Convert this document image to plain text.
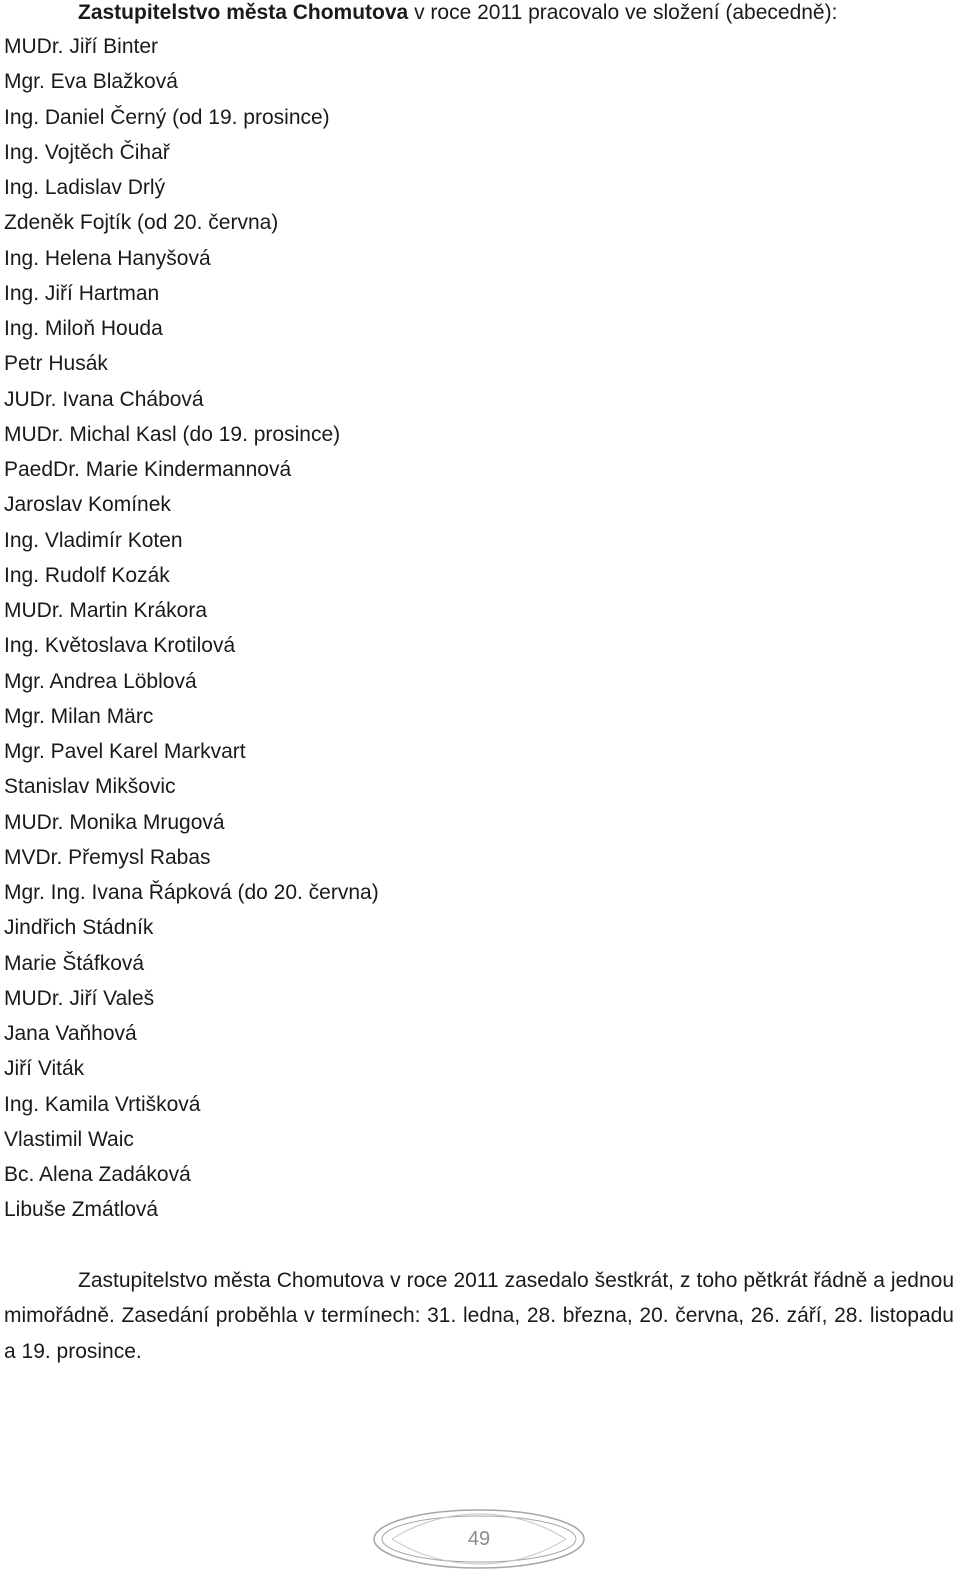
Zastupitelstvo města Chomutova v roce 2011 pracovalo ve složení (abecedně):
MUDr. Jiří Binter
Mgr. Eva Blažková
Ing. Daniel Černý (od 19. prosince)
Ing. Vojtěch Čihař
Ing. Ladislav Drlý
Zdeněk Fojtík (od 20. června)
Ing. Helena Hanyšová
Ing. Jiří Hartman
Ing. Miloň Houda
Petr Husák
JUDr. Ivana Chábová
MUDr. Michal Kasl (do 19. prosince)
PaedDr. Marie Kindermannová
Jaroslav Komínek
Ing. Vladimír Koten
Ing. Rudolf Kozák
MUDr. Martin Krákora
Ing. Květoslava Krotilová
Mgr. Andrea Löblová
Mgr. Milan Märc
Mgr. Pavel Karel Markvart
Stanislav Mikšovic
MUDr. Monika Mrugová
MVDr. Přemysl Rabas
Mgr. Ing. Ivana Řápková (do 20. června)
Jindřich Stádník
Marie Štáfková
MUDr. Jiří Valeš
Jana Vaňhová
Jiří Viták
Ing. Kamila Vrtišková
Vlastimil Waic
Bc. Alena Zadáková
Libuše Zmátlová

Zastupitelstvo města Chomutova v roce 2011 zasedalo šestkrát, z toho pětkrát řádně a jednou mimořádně. Zasedání proběhla v termínech: 31. ledna, 28. března, 20. června, 26. září, 28. listopadu a 19. prosince.

49
